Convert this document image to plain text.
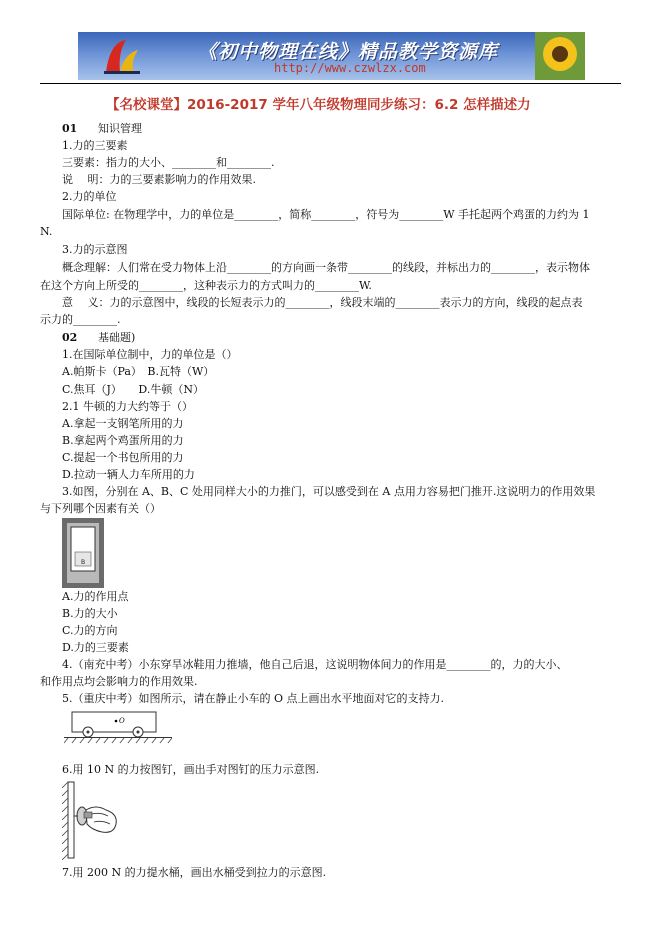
《初中物理在线》精品教学资源库
http://www.czwlzx.com
【名校课堂】2016-2017 学年八年级物理同步练习：6.2 怎样描述力
01 知识管理
1.力的三要素
三要素：指力的大小、________和________.
说　 明：力的三要素影响力的作用效果.
2.力的单位
国际单位: 在物理学中，力的单位是________，简称________，符号为________W 手托起两个鸡蛋的力约为 1
N.
3.力的示意图
概念理解：人们常在受力物体上沿________的方向画一条带________的线段，并标出力的________，表示物体
在这个方向上所受的________，这种表示力的方式叫力的________W.
意　 义：力的示意图中，线段的长短表示力的________，线段末端的________表示力的方向，线段的起点表
示力的________.
02 基础题)
1.在国际单位制中，力的单位是（）
A.帕斯卡（Pa）　B.瓦特（W）
C.焦耳（J）　　D.牛顿（N）
2.1 牛顿的力大约等于（）
A.拿起一支钢笔所用的力
B.拿起两个鸡蛋所用的力
C.提起一个书包所用的力
D.拉动一辆人力车所用的力
3.如图，分别在 A、B、C 处用同样大小的力推门，可以感受到在 A 点用力容易把门推开.这说明力的作用效果
与下列哪个因素有关（）
B
A.力的作用点
B.力的大小
C.力的方向
D.力的三要素
4.（南充中考）小东穿旱冰鞋用力推墙，他自己后退，这说明物体间力的作用是________的，力的大小、
和作用点均会影响力的作用效果.
5.（重庆中考）如图所示，请在静止小车的 O 点上画出水平地面对它的支持力.
O
6.用 10 N 的力按图钉，画出手对图钉的压力示意图.
7.用 200 N 的力提水桶，画出水桶受到拉力的示意图.
